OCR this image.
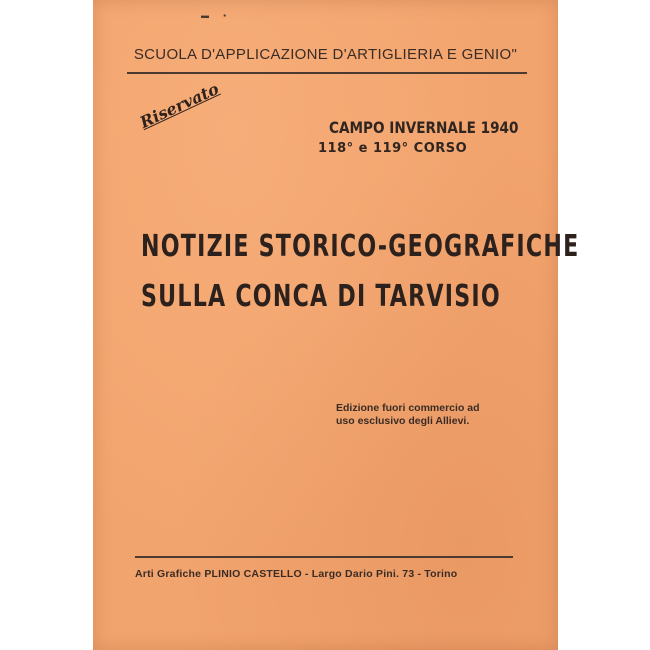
▬ ▪
SCUOLA D'APPLICAZIONE D'ARTIGLIERIA E GENIO"
Riservato	CAMPO INVERNALE 1940
118° e 119° CORSO
NOTIZIE STORICO-GEOGRAFICHE
SULLA CONCA DI TARVISIO
Edizione fuori commercio ad
uso esclusivo degli Allievi.
Arti Grafiche PLINIO CASTELLO - Largo Dario Pini. 73 - Torino
